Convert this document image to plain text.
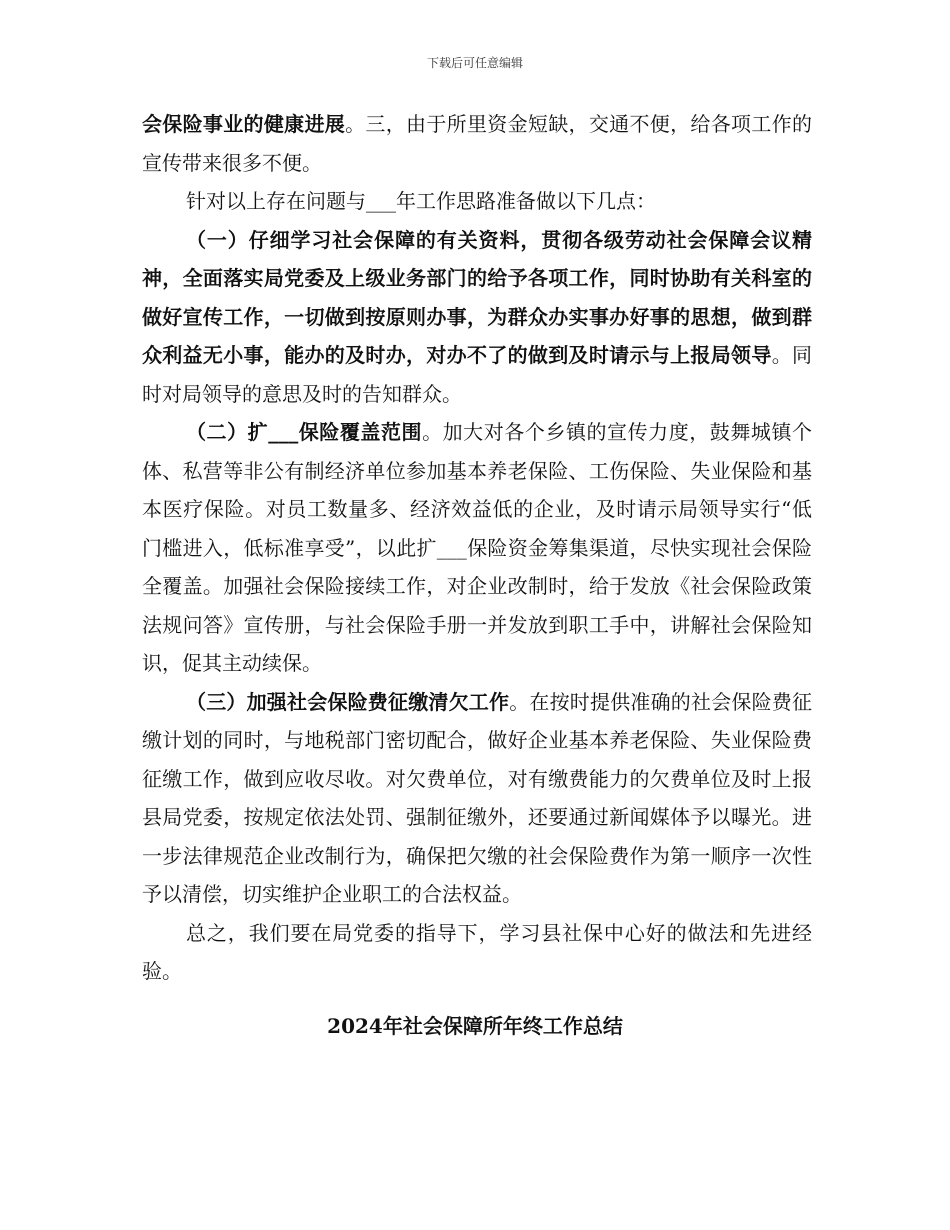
下载后可任意编辑

会保险事业的健康进展。三，由于所里资金短缺，交通不便，给各项工作的宣传带来很多不便。

针对以上存在问题与___年工作思路准备做以下几点：

（一）仔细学习社会保障的有关资料，贯彻各级劳动社会保障会议精神，全面落实局党委及上级业务部门的给予各项工作，同时协助有关科室的做好宣传工作，一切做到按原则办事，为群众办实事办好事的思想，做到群众利益无小事，能办的及时办，对办不了的做到及时请示与上报局领导。同时对局领导的意思及时的告知群众。

（二）扩___保险覆盖范围。加大对各个乡镇的宣传力度，鼓舞城镇个体、私营等非公有制经济单位参加基本养老保险、工伤保险、失业保险和基本医疗保险。对员工数量多、经济效益低的企业，及时请示局领导实行“低门槛进入，低标准享受”，以此扩___保险资金筹集渠道，尽快实现社会保险全覆盖。加强社会保险接续工作，对企业改制时，给于发放《社会保险政策法规问答》宣传册，与社会保险手册一并发放到职工手中，讲解社会保险知识，促其主动续保。

（三）加强社会保险费征缴清欠工作。在按时提供准确的社会保险费征缴计划的同时，与地税部门密切配合，做好企业基本养老保险、失业保险费征缴工作，做到应收尽收。对欠费单位，对有缴费能力的欠费单位及时上报县局党委，按规定依法处罚、强制征缴外，还要通过新闻媒体予以曝光。进一步法律规范企业改制行为，确保把欠缴的社会保险费作为第一顺序一次性予以清偿，切实维护企业职工的合法权益。

总之，我们要在局党委的指导下，学习县社保中心好的做法和先进经验。

2024年社会保障所年终工作总结
